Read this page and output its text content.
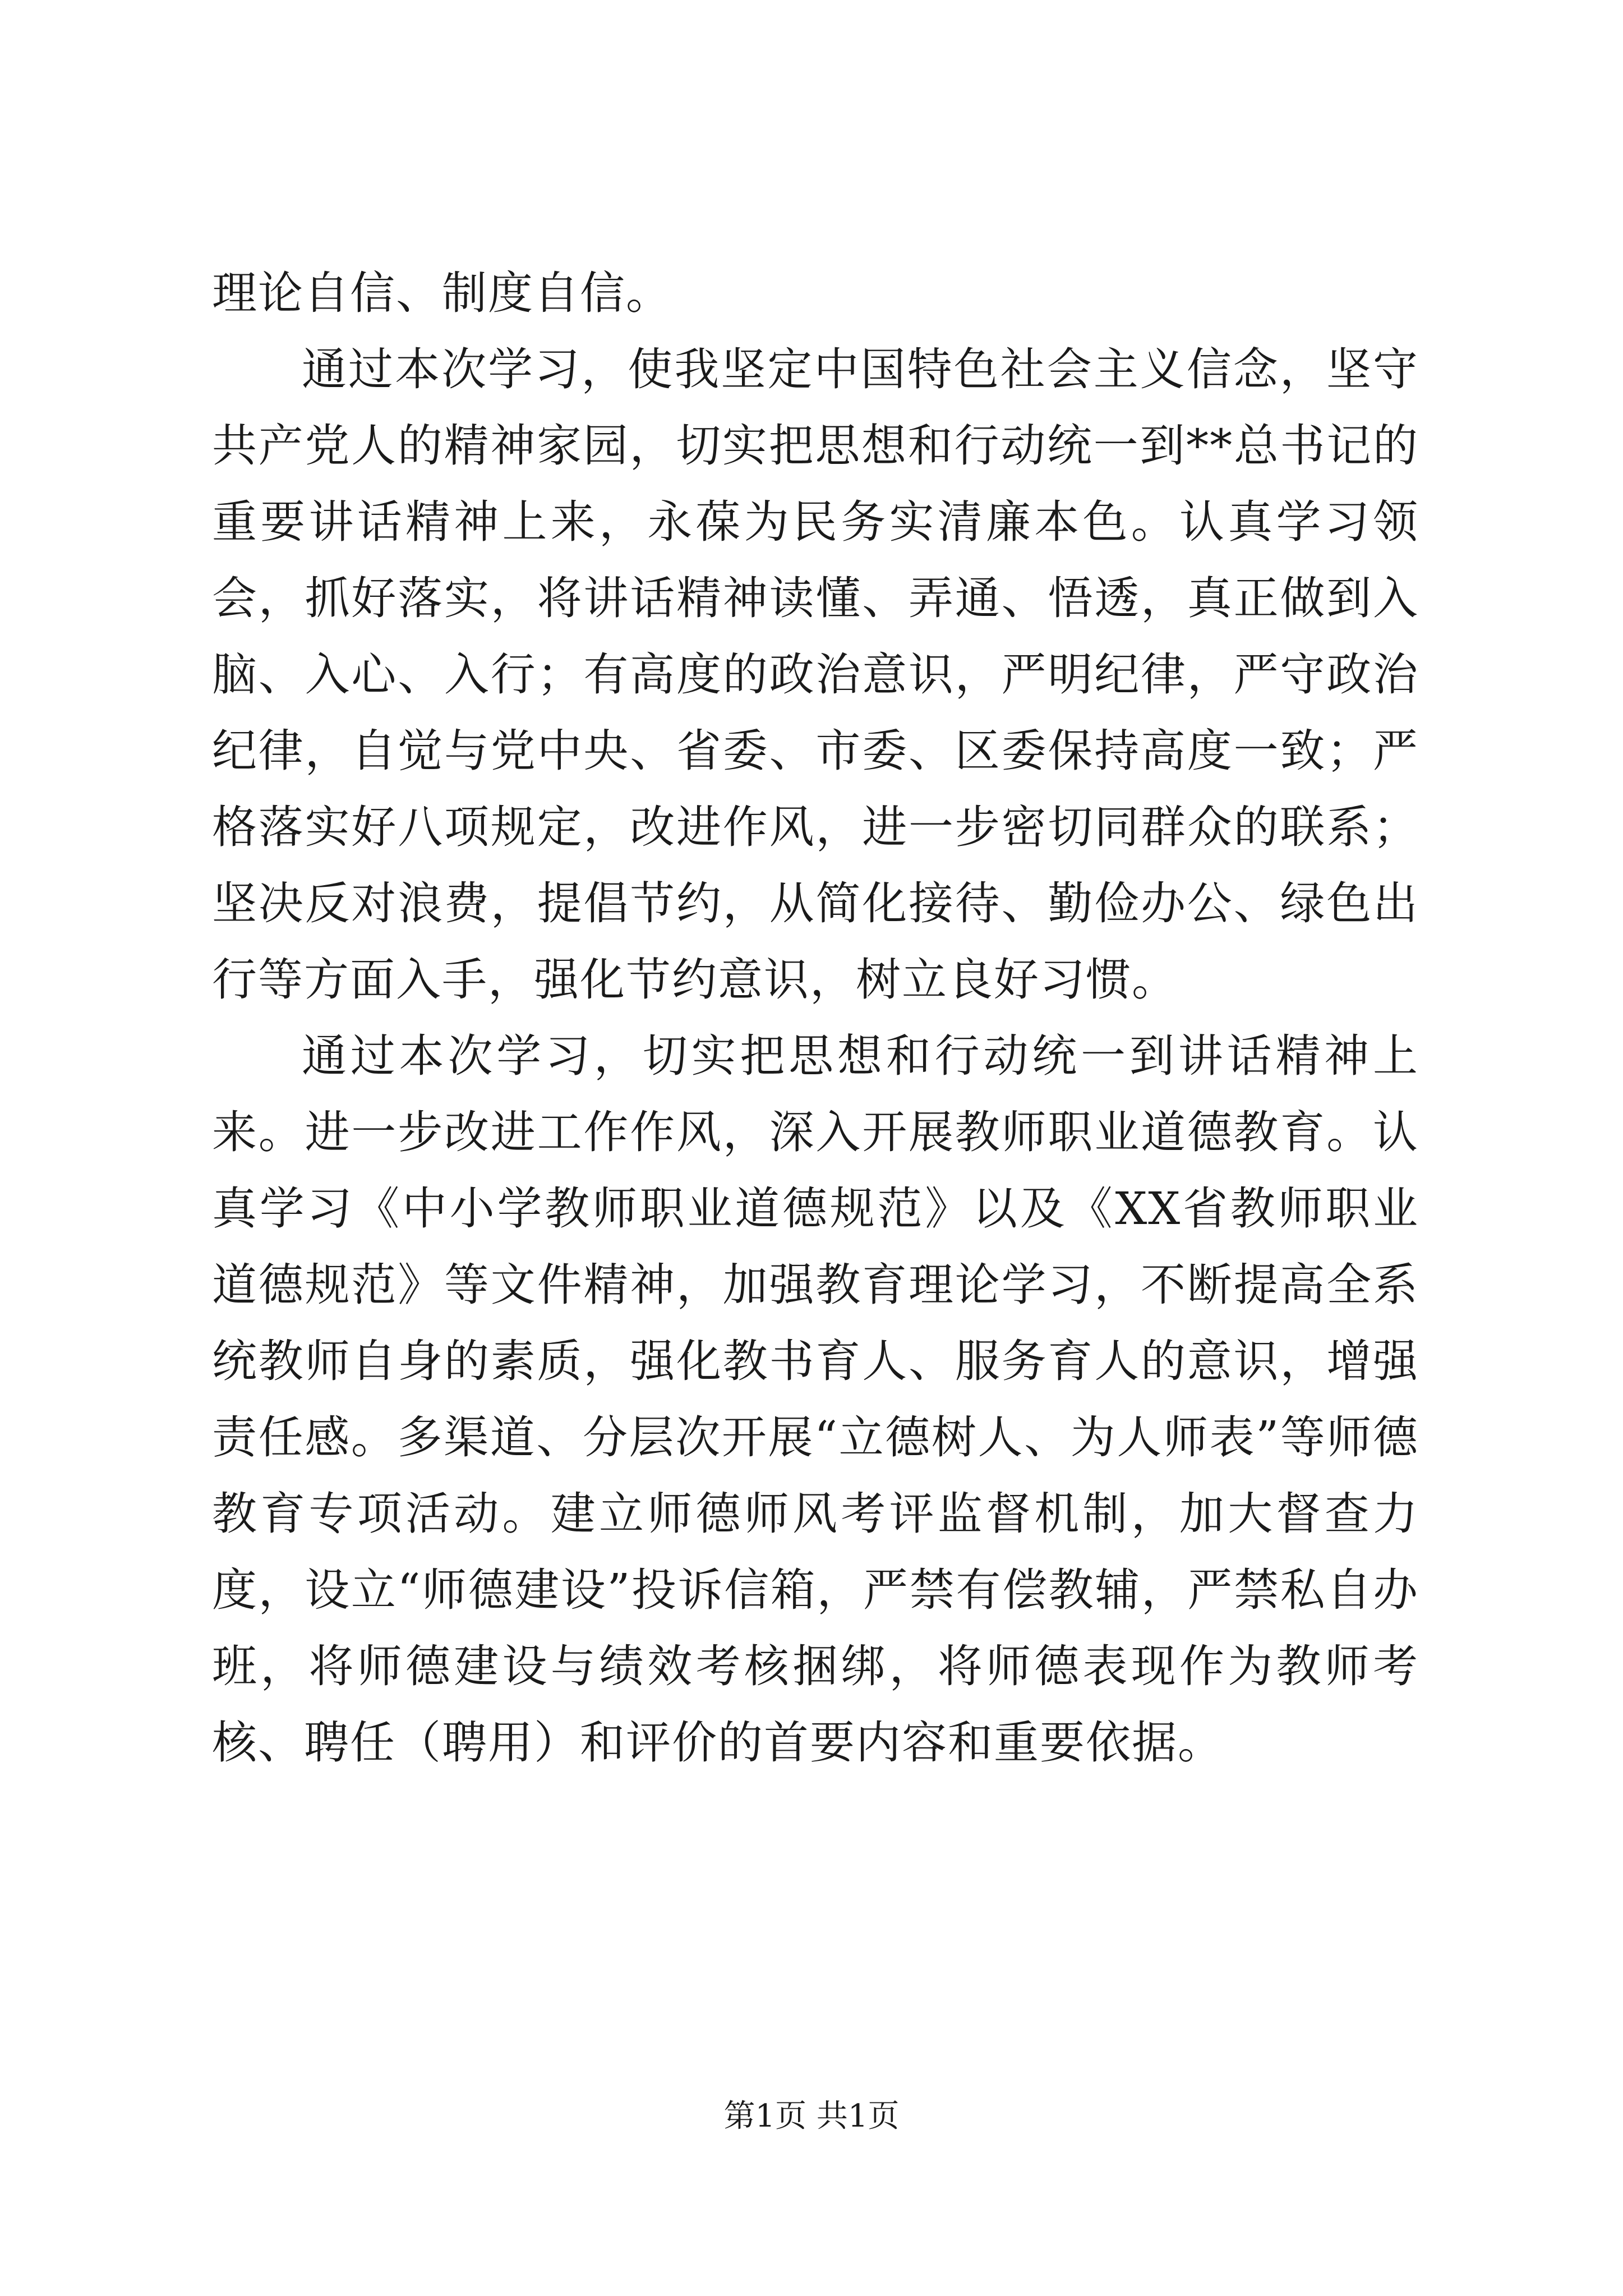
理论自信、制度自信。

通过本次学习，使我坚定中国特色社会主义信念，坚守共产党人的精神家园，切实把思想和行动统一到**总书记的重要讲话精神上来，永葆为民务实清廉本色。认真学习领会，抓好落实，将讲话精神读懂、弄通、悟透，真正做到入脑、入心、入行；有高度的政治意识，严明纪律，严守政治纪律，自觉与党中央、省委、市委、区委保持高度一致；严格落实好八项规定，改进作风，进一步密切同群众的联系；坚决反对浪费，提倡节约，从简化接待、勤俭办公、绿色出行等方面入手，强化节约意识，树立良好习惯。

通过本次学习，切实把思想和行动统一到讲话精神上来。进一步改进工作作风，深入开展教师职业道德教育。认真学习《中小学教师职业道德规范》以及《XX省教师职业道德规范》等文件精神，加强教育理论学习，不断提高全系统教师自身的素质，强化教书育人、服务育人的意识，增强责任感。多渠道、分层次开展“立德树人、为人师表”等师德教育专项活动。建立师德师风考评监督机制，加大督查力度，设立“师德建设”投诉信箱，严禁有偿教辅，严禁私自办班，将师德建设与绩效考核捆绑，将师德表现作为教师考核、聘任（聘用）和评价的首要内容和重要依据。

第1页 共1页
